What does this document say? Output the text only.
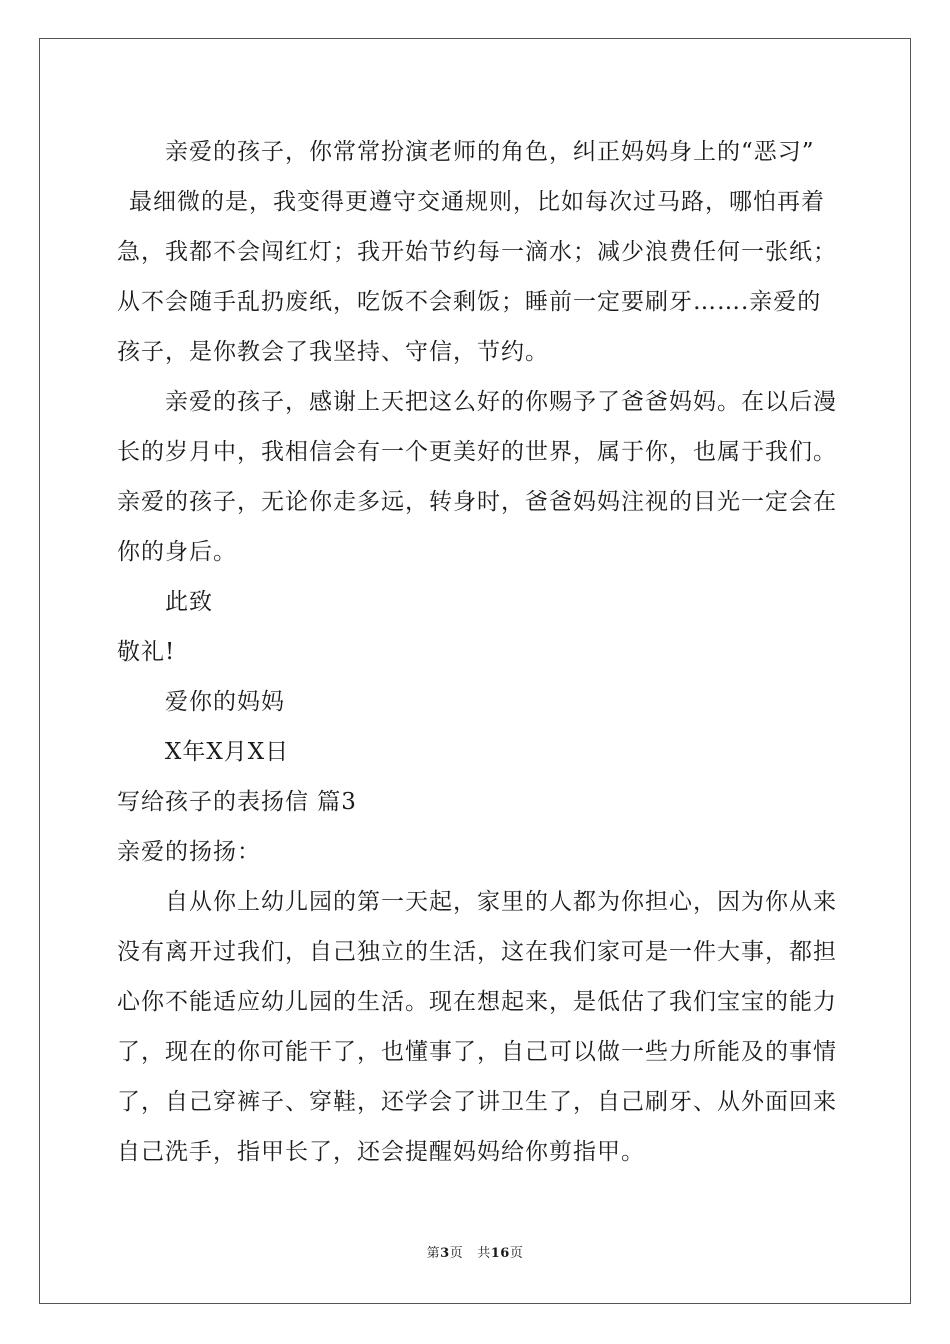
亲爱的孩子，你常常扮演老师的角色，纠正妈妈身上的“恶习”
最细微的是，我变得更遵守交通规则，比如每次过马路，哪怕再着
急，我都不会闯红灯；我开始节约每一滴水；减少浪费任何一张纸；
从不会随手乱扔废纸，吃饭不会剩饭；睡前一定要刷牙…….亲爱的
孩子，是你教会了我坚持、守信，节约。
亲爱的孩子，感谢上天把这么好的你赐予了爸爸妈妈。在以后漫
长的岁月中，我相信会有一个更美好的世界，属于你，也属于我们。
亲爱的孩子，无论你走多远，转身时，爸爸妈妈注视的目光一定会在
你的身后。
此致
敬礼!
爱你的妈妈
X年X月X日
写给孩子的表扬信 篇3
亲爱的扬扬：
自从你上幼儿园的第一天起，家里的人都为你担心，因为你从来
没有离开过我们，自己独立的生活，这在我们家可是一件大事，都担
心你不能适应幼儿园的生活。现在想起来，是低估了我们宝宝的能力
了，现在的你可能干了，也懂事了，自己可以做一些力所能及的事情
了，自己穿裤子、穿鞋，还学会了讲卫生了，自己刷牙、从外面回来
自己洗手，指甲长了，还会提醒妈妈给你剪指甲。
第3页 共16页
